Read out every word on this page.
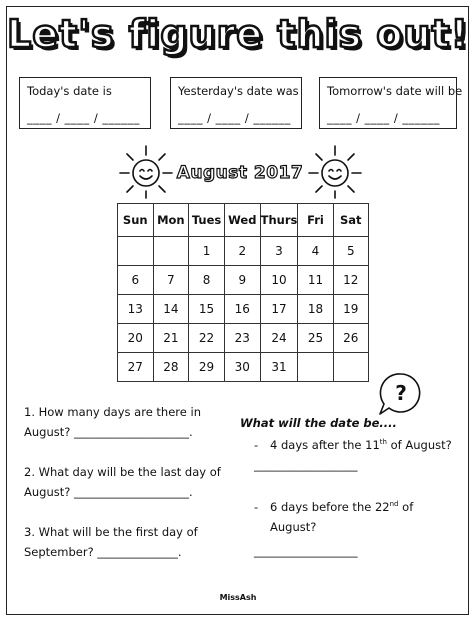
Let's figure this out!
Today's date is
____ / ____ / ______
Yesterday's date was
____ / ____ / ______
Tomorrow's date will be
____ / ____ / ______
August 2017
Sun	Mon	Tues	Wed	Thurs	Fri	Sat
		1	2	3	4	5
6	7	8	9	10	11	12
13	14	15	16	17	18	19
20	21	22	23	24	25	26
27	28	29	30	31		
?
1. How many days are there in
August? ____________________.
2. What day will be the last day of
August? ____________________.
3. What will be the first day of
September? ______________.
What will the date be....
- 4 days after the 11th of August?
__________________
- 6 days before the 22nd of
August?
__________________
MissAsh
